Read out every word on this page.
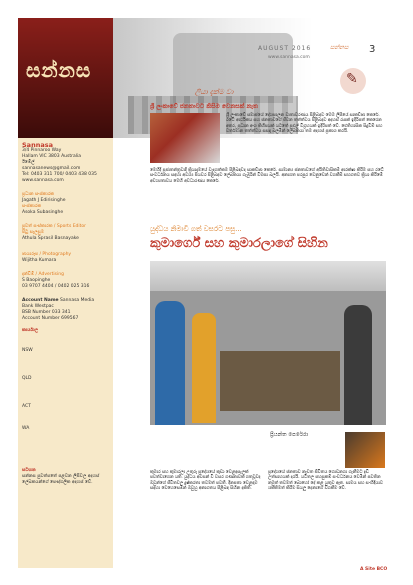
සන්නස
AUGUST 2016
www.sannasa.com
සන්නස 3
Sannasa
3/4 Pinnaroo Way
Hallam VIC 3803 Australia
ඊමේල්
sannasanews@gmail.com
Tel: 0403 311 700/ 0403 438 035
www.sannasa.com
ප්‍රධාන සංස්කාරක
Jagath J Edirisinghe
සංස්කාරක
Asoka Subasinghe
පුවත් සංස්කාරක / Sports Editor
පිටු සැලසුම
Athula Sprasil Basnayake
ඡායාරූප / Photography
Wijitha Kumara
දැන්වීම් / Advertising
S Baopinghe
03 9707 4404 / 0402 025 316
Account Name Sannasa Media
Bank Westpac
BSB Number 033 341
Account Number 699567
කාර්යාල
NSW
QLD
ACT
WA
සටහන
සන්නස පුවත්පතේ පළවන ලිපිවල අදහස් ලේඛකයන්ගේ පෞද්ගලික අදහස් වේ.
ලියා දැක්ම වා
✎
ශ්‍රී ලංකාවේ ජනතාවට කිසිම වෙනසක් නැත
ශ්‍රී ලංකාවේ සමාජයේ දේශපාලන වාතාවරණය පිළිබඳව මෙම ලිපියේ සාකච්ඡා කෙරේ. රටේ ආර්ථිකය සහ ජනතාවගේ ජීවන තත්ත්වය පිළිබඳව අදහස් රැසක් ඉදිරිපත් කෙරෙන අතර, ප්‍රධාන අංශ කිහිපයක් යටතේ පුළුල් විග්‍රහයක් ඉදිරිපත් වේ. ඓතිහාසික සිදුවීම් සහ වර්තමාන තත්ත්වය සසඳා බලමින් ලේඛකයා තම අදහස් ප්‍රකාශ කරයි.
මෙහිදී ප්‍රජාතන්ත්‍රවාදී ක්‍රියාදාමයේ වැදගත්කම පිළිබඳවද සාකච්ඡා කෙරේ. සාමාන්‍ය ජනතාවගේ අයිතිවාසිකම් ආරක්ෂා කිරීම සහ රටේ සංවර්ධනය සඳහා අවශ්‍ය පියවර පිළිබඳව ලේඛකයා ගැඹුරින් විමසා බලයි. අනාගත පරපුර වෙනුවෙන් වගකීම් සහගතව ක්‍රියා කිරීමේ අවශ්‍යතාවය මෙහි අවධාරණය කෙරේ.
යුද්ධය නිමාවී ගත් වසරට පසු...
කුමාර්ගේ සහ කුමාරලාගේ සිහින
ප්‍රියන්ත පෙරේරා
කුමාර සහ කුමාරලා උතුරු ප්‍රදේශයේ කුඩා වෙළඳසැලක් පවත්වාගෙන යති. යුද්ධය අවසන් වී වසර ගණනාවක් ගතවූවද ඔවුන්ගේ ජීවිතවල දුෂ්කරතා තවමත් පවතී. දිනපතා වෙළඳාම සඳහා වෙහෙසෙමින් ඔවුහු අනාගතය පිළිබඳ සිහින දකිති.
ප්‍රදේශයේ ජනතාව නැවත ජීවිතය ගොඩනගා ගැනීමට දැඩි උත්සාහයක් දරයි. යටිතල පහසුකම් සංවර්ධනය වෙමින් පවතින නමුත් තවමත් බොහෝ දේ කළ යුතුව ඇත. සාමය සහ සංහිඳියාව ශක්තිමත් කිරීම සියලු දෙනාගේ වගකීම වේ.
A Site BCO
